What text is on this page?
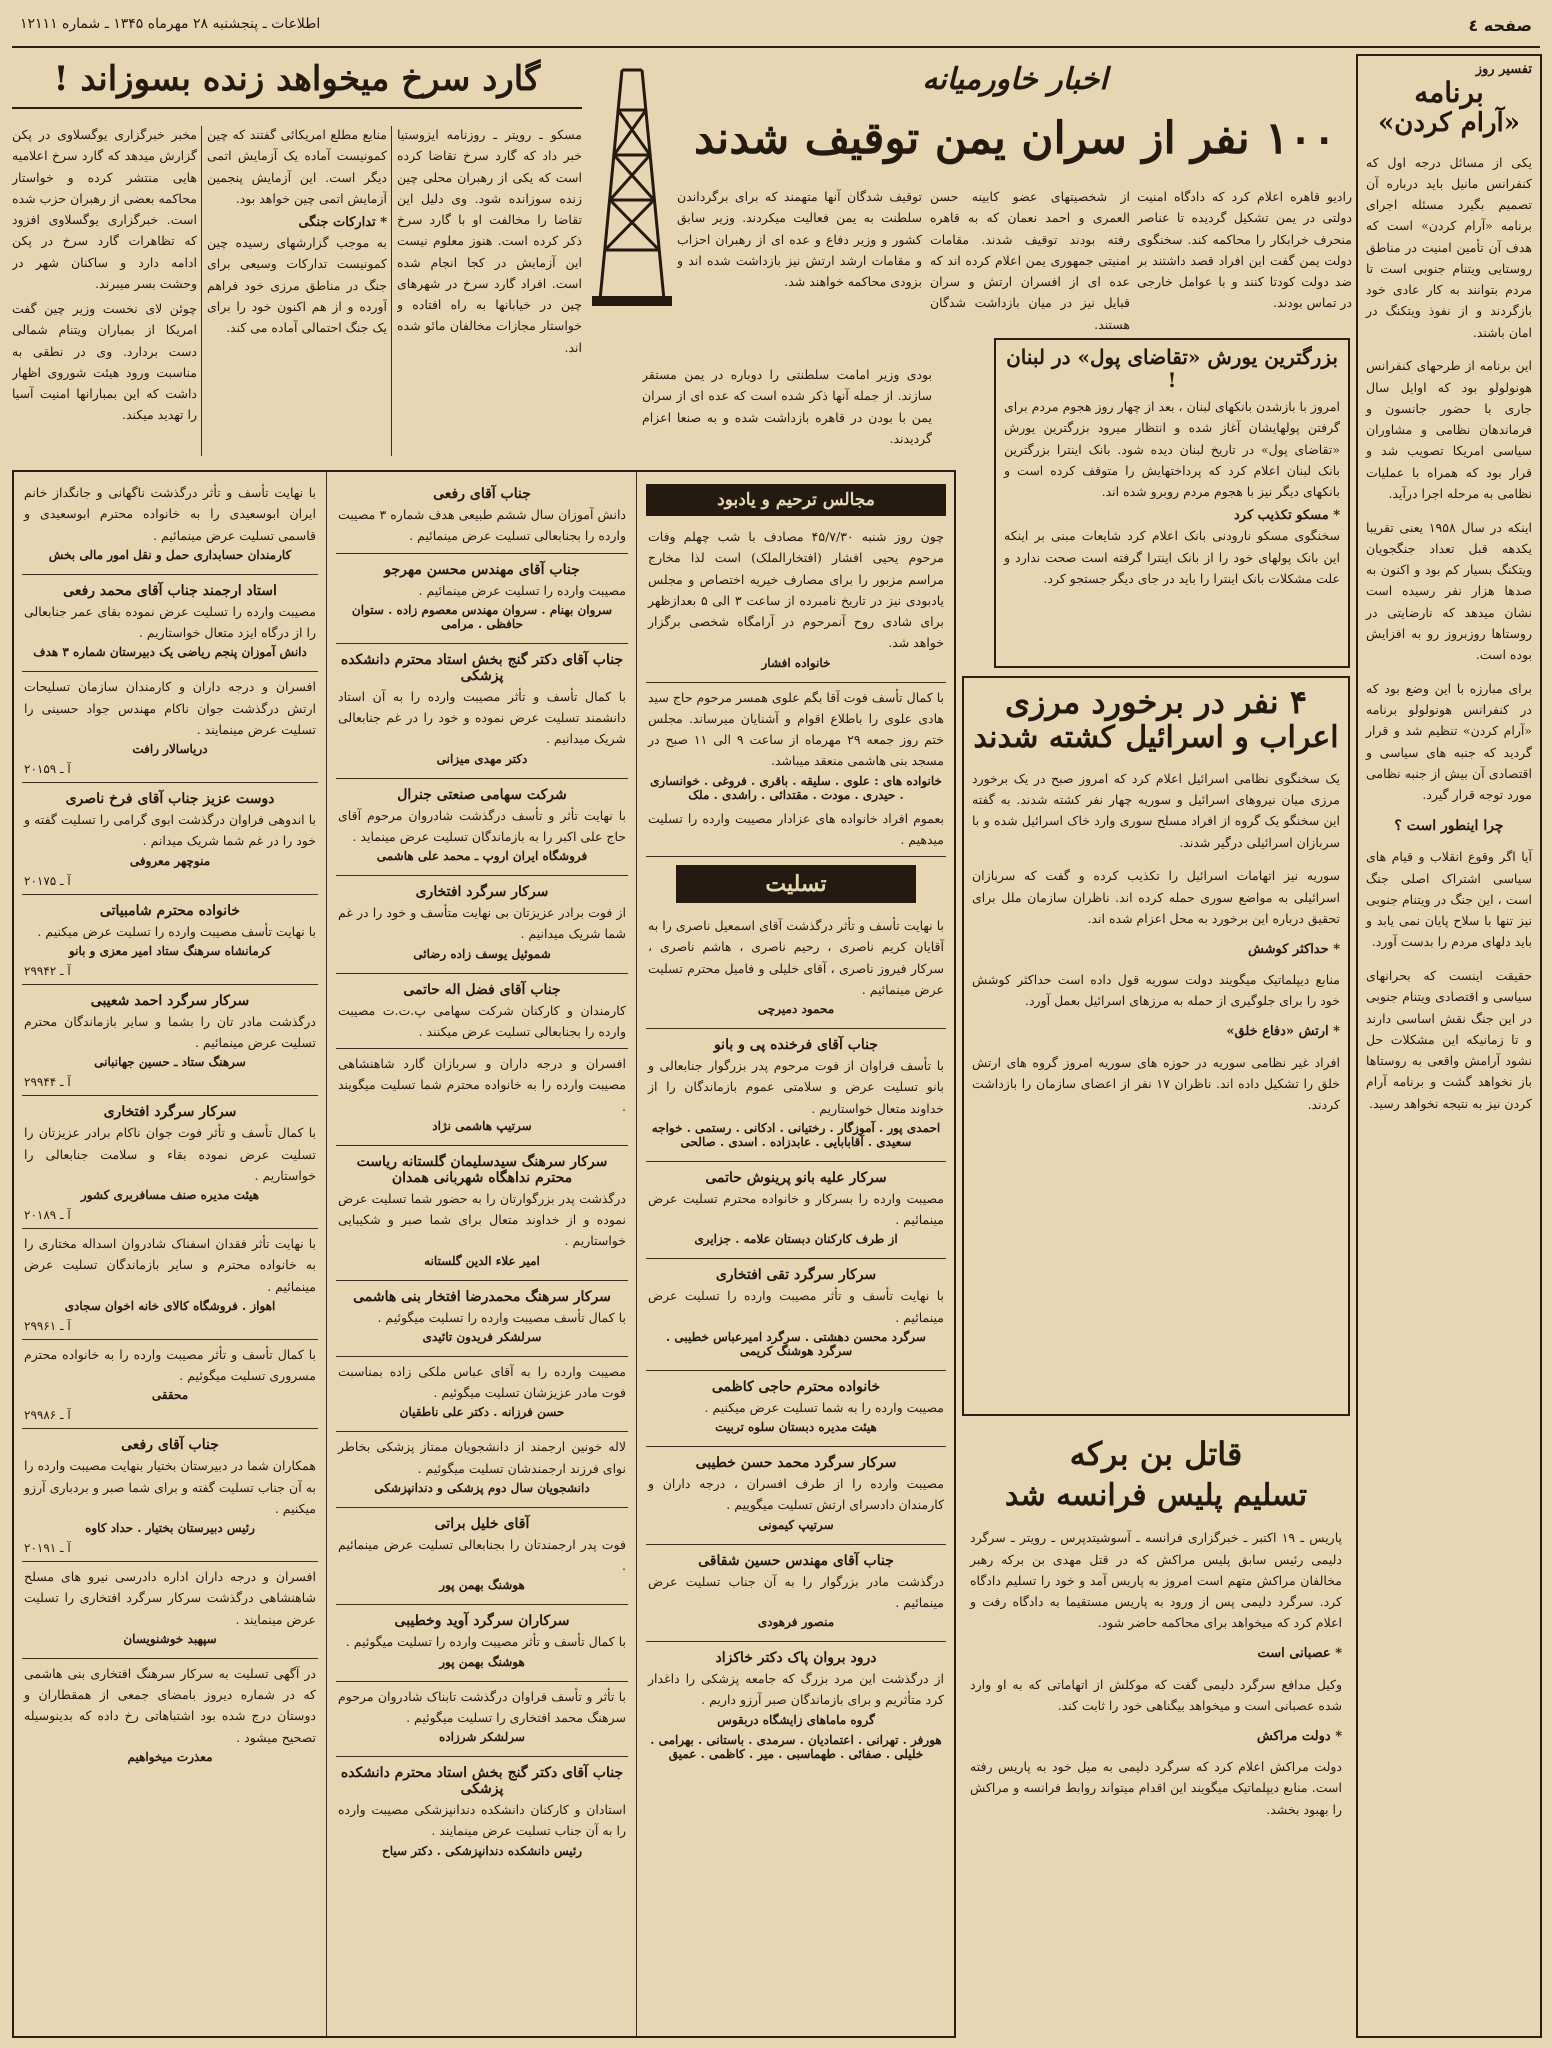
صفحه ٤
اطلاعات ـ پنجشنبه ۲۸ مهرماه ۱۳۴۵ ـ شماره ۱۲۱۱۱
تفسیر روز
برنامه
«آرام کردن»

یکی از مسائل درجه اول که کنفرانس مانیل باید درباره آن تصمیم بگیرد مسئله اجرای برنامه «آرام کردن» است که هدف آن تأمین امنیت در مناطق روستایی ویتنام جنوبی است تا مردم بتوانند به کار عادی خود بازگردند و از نفوذ ویتکنگ در امان باشند.

این برنامه از طرحهای کنفرانس هونولولو بود که اوایل سال جاری با حضور جانسون و فرماندهان نظامی و مشاوران سیاسی امریکا تصویب شد و قرار بود که همراه با عملیات نظامی به مرحله اجرا درآید.

اینکه در سال ۱۹۵۸ یعنی تقریبا یکدهه قبل تعداد جنگجویان ویتکنگ بسیار کم بود و اکنون به صدها هزار نفر رسیده است نشان میدهد که نارضایتی در روستاها روزبروز رو به افزایش بوده است.

برای مبارزه با این وضع بود که در کنفرانس هونولولو برنامه «آرام کردن» تنظیم شد و قرار گردید که جنبه های سیاسی و اقتصادی آن بیش از جنبه نظامی مورد توجه قرار گیرد.

چرا اینطور است ؟

آیا اگر وقوع انقلاب و قیام های سیاسی اشتراک اصلی جنگ است ، این جنگ در ویتنام جنوبی نیز تنها با سلاح پایان نمی یابد و باید دلهای مردم را بدست آورد.

حقیقت اینست که بحرانهای سیاسی و اقتصادی ویتنام جنوبی در این جنگ نقش اساسی دارند و تا زمانیکه این مشکلات حل نشود آرامش واقعی به روستاها باز نخواهد گشت و برنامه آرام کردن نیز به نتیجه نخواهد رسید.

گارد سرخ میخواهد زنده بسوزاند !

مسکو ـ رویتر ـ روزنامه ایزوستیا خبر داد که گارد سرخ تقاضا کرده است که یکی از رهبران محلی چین زنده سوزانده شود. وی دلیل این تقاضا را مخالفت او با گارد سرخ ذکر کرده است. هنوز معلوم نیست این آزمایش در کجا انجام شده است. افراد گارد سرخ در شهرهای چین در خیابانها به راه افتاده و خواستار مجازات مخالفان مائو شده اند.

منابع مطلع امریکائی گفتند که چین کمونیست آماده یک آزمایش اتمی دیگر است. این آزمایش پنجمین آزمایش اتمی چین خواهد بود.

* تدارکات جنگی

به موجب گزارشهای رسیده چین کمونیست تدارکات وسیعی برای جنگ در مناطق مرزی خود فراهم آورده و از هم اکنون خود را برای یک جنگ احتمالی آماده می کند.

مخبر خبرگزاری یوگسلاوی در پکن گزارش میدهد که گارد سرخ اعلامیه هایی منتشر کرده و خواستار محاکمه بعضی از رهبران حزب شده است. خبرگزاری یوگسلاوی افزود که تظاهرات گارد سرخ در پکن ادامه دارد و ساکنان شهر در وحشت بسر میبرند.

چوئن لای نخست وزیر چین گفت امریکا از بمباران ویتنام شمالی دست بردارد. وی در نطقی به مناسبت ورود هیئت شوروی اظهار داشت که این بمبارانها امنیت آسیا را تهدید میکند.

اخبار خاورمیانه
۱۰۰ نفر از سران یمن توقیف شدند

رادیو قاهره اعلام کرد که دادگاه امنیت دولتی در یمن تشکیل گردیده تا عناصر منحرف خرابکار را محاکمه کند. سخنگوی دولت یمن گفت این افراد قصد داشتند بر ضد دولت کودتا کنند و با عوامل خارجی در تماس بودند.

از شخصیتهای عضو کابینه حسن العمری و احمد نعمان که به قاهره رفته بودند توقیف شدند. مقامات امنیتی جمهوری یمن اعلام کرده اند که عده ای از افسران ارتش و سران قبایل نیز در میان بازداشت شدگان هستند.

توقیف شدگان آنها متهمند که برای برگرداندن سلطنت به یمن فعالیت میکردند. وزیر سابق کشور و وزیر دفاع و عده ای از رهبران احزاب و مقامات ارشد ارتش نیز بازداشت شده اند و بزودی محاکمه خواهند شد.

بودی وزیر امامت سلطنتی را دوباره در یمن مستقر سازند. از جمله آنها ذکر شده است که عده ای از سران یمن با بودن در قاهره بازداشت شده و به صنعا اعزام گردیدند.

بزرگترین یورش «تقاضای پول» در لبنان !

امروز با بازشدن بانکهای لبنان ، بعد از چهار روز هجوم مردم برای گرفتن پولهایشان آغاز شده و انتظار میرود بزرگترین یورش «تقاضای پول» در تاریخ لبنان دیده شود. بانک اینترا بزرگترین بانک لبنان اعلام کرد که پرداختهایش را متوقف کرده است و بانکهای دیگر نیز با هجوم مردم روبرو شده اند.

* مسکو تکذیب کرد

سخنگوی مسکو نارودنی بانک اعلام کرد شایعات مبنی بر اینکه این بانک پولهای خود را از بانک اینترا گرفته است صحت ندارد و علت مشکلات بانک اینترا را باید در جای دیگر جستجو کرد.

۴ نفر در برخورد مرزی
اعراب و اسرائیل کشته شدند

یک سخنگوی نظامی اسرائیل اعلام کرد که امروز صبح در یک برخورد مرزی میان نیروهای اسرائیل و سوریه چهار نفر کشته شدند. به گفته این سخنگو یک گروه از افراد مسلح سوری وارد خاک اسرائیل شده و با سربازان اسرائیلی درگیر شدند.

سوریه نیز اتهامات اسرائیل را تکذیب کرده و گفت که سربازان اسرائیلی به مواضع سوری حمله کرده اند. ناظران سازمان ملل برای تحقیق درباره این برخورد به محل اعزام شده اند.

* حداکثر کوشش

منابع دیپلماتیک میگویند دولت سوریه قول داده است حداکثر کوشش خود را برای جلوگیری از حمله به مرزهای اسرائیل بعمل آورد.

* ارتش «دفاع خلق»

افراد غیر نظامی سوریه در حوزه های سوریه امروز گروه های ارتش خلق را تشکیل داده اند. ناظران ۱۷ نفر از اعضای سازمان را بازداشت کردند.

قاتل بن برکه
تسلیم پلیس فرانسه شد

پاریس ـ ۱۹ اکتبر ـ خبرگزاری فرانسه ـ آسوشیتدپرس ـ رویتر ـ سرگرد دلیمی رئیس سابق پلیس مراکش که در قتل مهدی بن برکه رهبر مخالفان مراکش متهم است امروز به پاریس آمد و خود را تسلیم دادگاه کرد. سرگرد دلیمی پس از ورود به پاریس مستقیما به دادگاه رفت و اعلام کرد که میخواهد برای محاکمه حاضر شود.

* عصبانی است

وکیل مدافع سرگرد دلیمی گفت که موکلش از اتهاماتی که به او وارد شده عصبانی است و میخواهد بیگناهی خود را ثابت کند.

* دولت مراکش

دولت مراکش اعلام کرد که سرگرد دلیمی به میل خود به پاریس رفته است. منابع دیپلماتیک میگویند این اقدام میتواند روابط فرانسه و مراکش را بهبود بخشد.

مجالس ترحیم و یادبود
چون روز شنبه ۴۵/۷/۳۰ مصادف با شب چهلم وفات مرحوم یحیی افشار (افتخارالملک) است لذا مخارج مراسم مزبور را برای مصارف خیریه اختصاص و مجلس یادبودی نیز در تاریخ نامبرده از ساعت ۳ الی ۵ بعدازظهر برای شادی روح آنمرحوم در آرامگاه شخصی برگزار خواهد شد.
خانواده افشار
با کمال تأسف فوت آقا بگم علوی همسر مرحوم حاج سید هادی علوی را باطلاع اقوام و آشنایان میرساند. مجلس ختم روز جمعه ۲۹ مهرماه از ساعت ۹ الی ۱۱ صبح در مسجد بنی هاشمی منعقد میباشد.
خانواده های : علوی . سلیقه . باقری . فروغی . خوانساری . حیدری . مودت . مقتدائی . راشدی . ملک
بعموم افراد خانواده های عزادار مصیبت وارده را تسلیت میدهیم .
تسلیت
با نهایت تأسف و تأثر درگذشت آقای اسمعیل ناصری را به آقایان کریم ناصری ، رحیم ناصری ، هاشم ناصری ، سرکار فیروز ناصری ، آقای خلیلی و فامیل محترم تسلیت عرض مینمائیم .
محمود دمیرچی
جناب آقای فرخنده پی و بانو
با تأسف فراوان از فوت مرحوم پدر بزرگوار جنابعالی و بانو تسلیت عرض و سلامتی عموم بازماندگان را از خداوند متعال خواستاریم .
احمدی پور . آموزگار . رختیانی . ادکانی . رستمی . خواجه سعیدی . آقابابایی . عابدزاده . اسدی . صالحی
سرکار علیه بانو پرینوش حاتمی
مصیبت وارده را بسرکار و خانواده محترم تسلیت عرض مینمائیم .
از طرف کارکنان دبستان علامه . جزایری
سرکار سرگرد تقی افتخاری
با نهایت تأسف و تأثر مصیبت وارده را تسلیت عرض مینمائیم .
سرگرد محسن دهشتی . سرگرد امیرعباس خطیبی . سرگرد هوشنگ کریمی
خانواده محترم حاجی کاظمی
مصیبت وارده را به شما تسلیت عرض میکنیم .
هیئت مدیره دبستان سلوه تربیت
سرکار سرگرد محمد حسن خطیبی
مصیبت وارده را از طرف افسران ، درجه داران و کارمندان دادسرای ارتش تسلیت میگوییم .
سرتیپ کیمونی
جناب آقای مهندس حسین شقاقی
درگذشت مادر بزرگوار را به آن جناب تسلیت عرض مینمائیم .
منصور فرهودی
درود بروان پاک دکتر خاکزاد
از درگذشت این مرد بزرگ که جامعه پزشکی را داغدار کرد متأثریم و برای بازماندگان صبر آرزو داریم .
گروه ماماهای زایشگاه دربقوس
هورفر . تهرانی . اعتمادیان . سرمدی . باستانی . بهرامی . خلیلی . صفائی . طهماسبی . میر . کاظمی . عمیق
جناب آقای رفعی
دانش آموزان سال ششم طبیعی هدف شماره ۳ مصیبت وارده را بجنابعالی تسلیت عرض مینمائیم .
جناب آقای مهندس محسن مهرجو
مصیبت وارده را تسلیت عرض مینمائیم .
سروان بهنام . سروان مهندس معصوم زاده . ستوان حافظی . مرامی
جناب آقای دکتر گنج بخش استاد محترم دانشکده پزشکی
با کمال تأسف و تأثر مصیبت وارده را به آن استاد دانشمند تسلیت عرض نموده و خود را در غم جنابعالی شریک میدانیم .
دکتر مهدی میزانی
شرکت سهامی صنعتی جنرال
با نهایت تأثر و تأسف درگذشت شادروان مرحوم آقای حاج علی اکبر را به بازماندگان تسلیت عرض مینماید .
فروشگاه ایران اروپ ـ محمد علی هاشمی
سرکار سرگرد افتخاری
از فوت برادر عزیزتان بی نهایت متأسف و خود را در غم شما شریک میدانیم .
شموئیل یوسف زاده رضائی
جناب آقای فضل اله حاتمی
کارمندان و کارکنان شرکت سهامی پ.ت.ت مصیبت وارده را بجنابعالی تسلیت عرض میکنند .
افسران و درجه داران و سربازان گارد شاهنشاهی مصیبت وارده را به خانواده محترم شما تسلیت میگویند .
سرتیپ هاشمی نژاد
سرکار سرهنگ سیدسلیمان گلستانه ریاست محترم نداهگاه شهربانی همدان
درگذشت پدر بزرگوارتان را به حضور شما تسلیت عرض نموده و از خداوند متعال برای شما صبر و شکیبایی خواستاریم .
امیر علاء الدین گلستانه
سرکار سرهنگ محمدرضا افتخار بنی هاشمی
با کمال تأسف مصیبت وارده را تسلیت میگوئیم .
سرلشکر فریدون تائیدی
مصیبت وارده را به آقای عباس ملکی زاده بمناسبت فوت مادر عزیزشان تسلیت میگوئیم .
حسن فرزانه . دکتر علی ناطقیان
لاله خونین ارجمند از دانشجویان ممتاز پزشکی بخاطر نوای فرزند ارجمندشان تسلیت میگوئیم .
دانشجویان سال دوم پزشکی و دندانپزشکی
آقای خلیل براتی
فوت پدر ارجمندتان را بجنابعالی تسلیت عرض مینمائیم .
هوشنگ بهمن پور
سرکاران سرگرد آوید وخطیبی
با کمال تأسف و تأثر مصیبت وارده را تسلیت میگوئیم .
هوشنگ بهمن پور
با تأثر و تأسف فراوان درگذشت تابناک شادروان مرحوم سرهنگ محمد افتخاری را تسلیت میگوئیم .
سرلشکر شرزاده
جناب آقای دکتر گنج بخش استاد محترم دانشکده پزشکی
استادان و کارکنان دانشکده دندانپزشکی مصیبت وارده را به آن جناب تسلیت عرض مینمایند .
رئیس دانشکده دندانپزشکی . دکتر سیاح
با نهایت تأسف و تأثر درگذشت ناگهانی و جانگداز خانم ایران ابوسعیدی را به خانواده محترم ابوسعیدی و قاسمی تسلیت عرض مینمائیم .
کارمندان حسابداری حمل و نقل امور مالی بخش
استاد ارجمند جناب آقای محمد رفعی
مصیبت وارده را تسلیت عرض نموده بقای عمر جنابعالی را از درگاه ایزد متعال خواستاریم .
دانش آموزان پنجم ریاضی یک دبیرستان شماره ۳ هدف
افسران و درجه داران و کارمندان سازمان تسلیحات ارتش درگذشت جوان ناکام مهندس جواد حسینی را تسلیت عرض مینمایند .
دریاسالار رافت
آ ـ ۲۰۱۵۹
دوست عزیز جناب آقای فرخ ناصری
با اندوهی فراوان درگذشت ابوی گرامی را تسلیت گفته و خود را در غم شما شریک میدانم .
منوچهر معروفی
آ ـ ۲۰۱۷۵
خانواده محترم شامبیاتی
با نهایت تأسف مصیبت وارده را تسلیت عرض میکنیم .
کرمانشاه سرهنگ ستاد امیر معزی و بانو
آ ـ ۲۹۹۴۲
سرکار سرگرد احمد شعیبی
درگذشت مادر تان را بشما و سایر بازماندگان محترم تسلیت عرض مینمائیم .
سرهنگ ستاد ـ حسین جهانبانی
آ ـ ۲۹۹۴۴
سرکار سرگرد افتخاری
با کمال تأسف و تأثر فوت جوان ناکام برادر عزیزتان را تسلیت عرض نموده بقاء و سلامت جنابعالی را خواستاریم .
هیئت مدیره صنف مسافربری کشور
آ ـ ۲۰۱۸۹
با نهایت تأثر فقدان اسفناک شادروان اسداله مختاری را به خانواده محترم و سایر بازماندگان تسلیت عرض مینمائیم .
اهواز . فروشگاه کالای خانه اخوان سجادی
آ ـ ۲۹۹۶۱
با کمال تأسف و تأثر مصیبت وارده را به خانواده محترم مسروری تسلیت میگوئیم .
محققی
آ ـ ۲۹۹۸۶
جناب آقای رفعی
همکاران شما در دبیرستان بختیار بنهایت مصیبت وارده را به آن جناب تسلیت گفته و برای شما صبر و بردباری آرزو میکنیم .
رئیس دبیرستان بختیار . حداد کاوه
آ ـ ۲۰۱۹۱
افسران و درجه داران اداره دادرسی نیرو های مسلح شاهنشاهی درگذشت سرکار سرگرد افتخاری را تسلیت عرض مینمایند .
سپهبد خوشنویسان
در آگهی تسلیت به سرکار سرهنگ افتخاری بنی هاشمی که در شماره دیروز بامضای جمعی از همقطاران و دوستان درج شده بود اشتباهاتی رخ داده که بدینوسیله تصحیح میشود .
معذرت میخواهیم
